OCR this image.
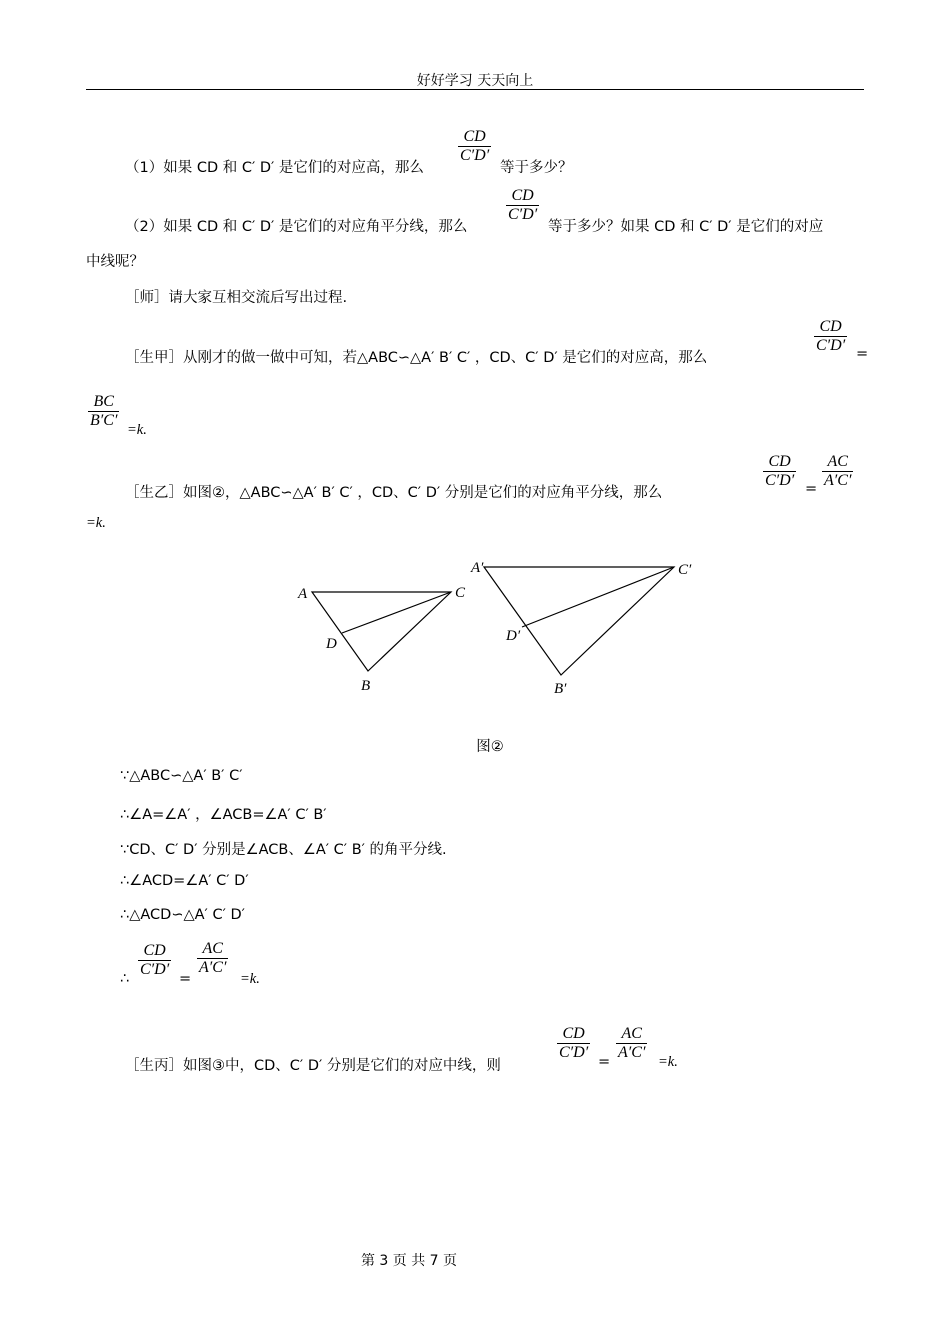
好好学习 天天向上
（1）如果 CD 和 C′ D′ 是它们的对应高，那么
CD
C′D′
等于多少？
（2）如果 CD 和 C′ D′ 是它们的对应角平分线，那么
CD
C′D′
等于多少？如果 CD 和 C′ D′ 是它们的对应
中线呢？
［师］请大家互相交流后写出过程.
［生甲］从刚才的做一做中可知，若△ABC∽△A′ B′ C′ ，CD、C′ D′ 是它们的对应高，那么
CD
C′D′ =
BC
B′C′
=k.
［生乙］如图②，△ABC∽△A′ B′ C′ ，CD、C′ D′ 分别是它们的对应角平分线，那么
CD
C′D′ =
AC
A′C′
=k.
A	C
D
B
A′	C′
D′
B′
图②
∵△ABC∽△A′ B′ C′
∴∠A=∠A′ ，∠ACB=∠A′ C′ B′
∵CD、C′ D′ 分别是∠ACB、∠A′ C′ B′ 的角平分线.
∴∠ACD=∠A′ C′ D′
∴△ACD∽△A′ C′ D′
∴
CD
C′D′
=
AC
A′C′
=k.
［生丙］如图③中，CD、C′ D′ 分别是它们的对应中线，则
CD
C′D′
=
AC
A′C′
=k.
第 3 页 共 7 页
